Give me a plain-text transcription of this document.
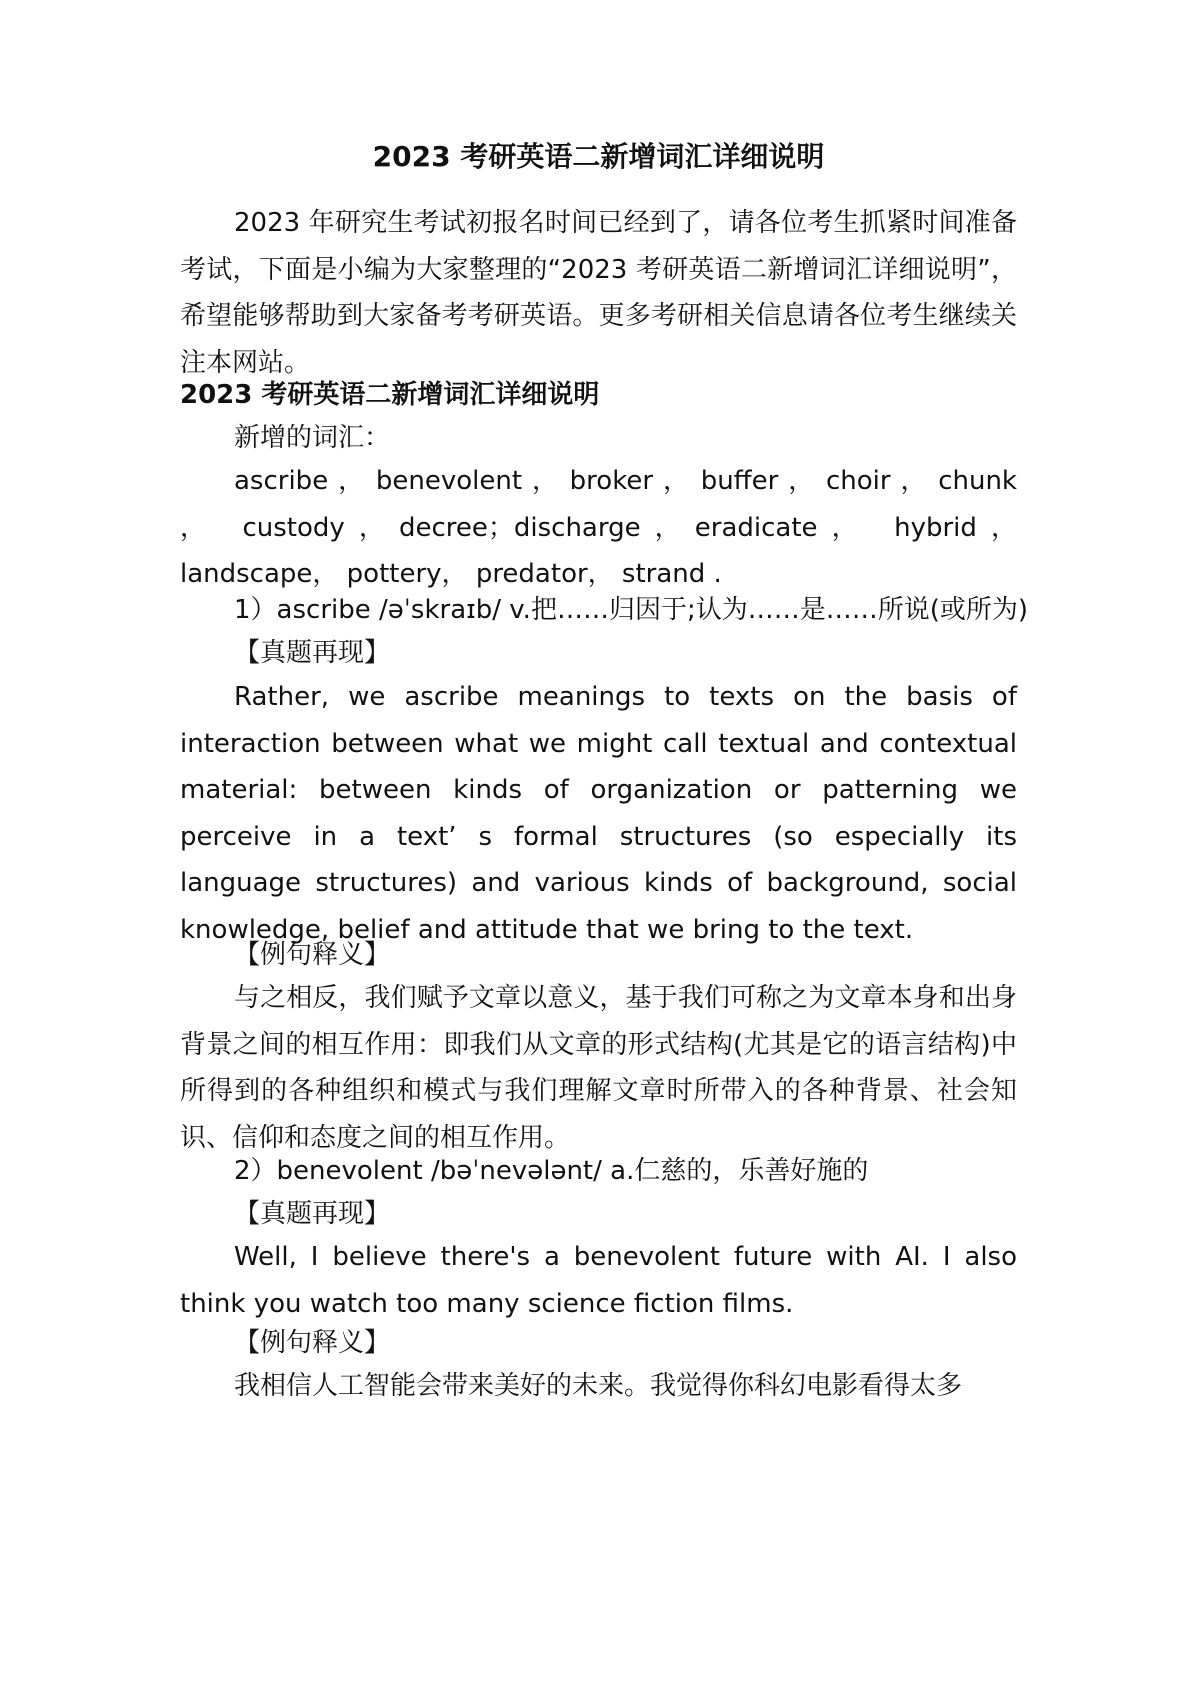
2023 考研英语二新增词汇详细说明

2023 年研究生考试初报名时间已经到了，请各位考生抓紧时间准备考试，下面是小编为大家整理的“2023 考研英语二新增词汇详细说明”，希望能够帮助到大家备考考研英语。更多考研相关信息请各位考生继续关注本网站。

2023 考研英语二新增词汇详细说明
新增的词汇：

ascribe ， benevolent ， broker ， buffer ， choir ， chunk ， custody，decree；discharge，eradicate， hybrid， landscape， pottery， predator， strand .

1）ascribe /əˈskraɪb/ v.把……归因于;认为……是……所说(或所为)
【真题再现】

Rather, we ascribe meanings to texts on the basis of interaction between what we might call textual and contextual material: between kinds of organization or patterning we perceive in a text’ s formal structures (so especially its language structures) and various kinds of background, social knowledge, belief and attitude that we bring to the text.

【例句释义】

与之相反，我们赋予文章以意义，基于我们可称之为文章本身和出身背景之间的相互作用：即我们从文章的形式结构(尤其是它的语言结构)中所得到的各种组织和模式与我们理解文章时所带入的各种背景、社会知识、信仰和态度之间的相互作用。

2）benevolent /bəˈnevələnt/ a.仁慈的，乐善好施的
【真题再现】

Well, I believe there's a benevolent future with AI. I also think you watch too many science fiction films.

【例句释义】

我相信人工智能会带来美好的未来。我觉得你科幻电影看得太多
